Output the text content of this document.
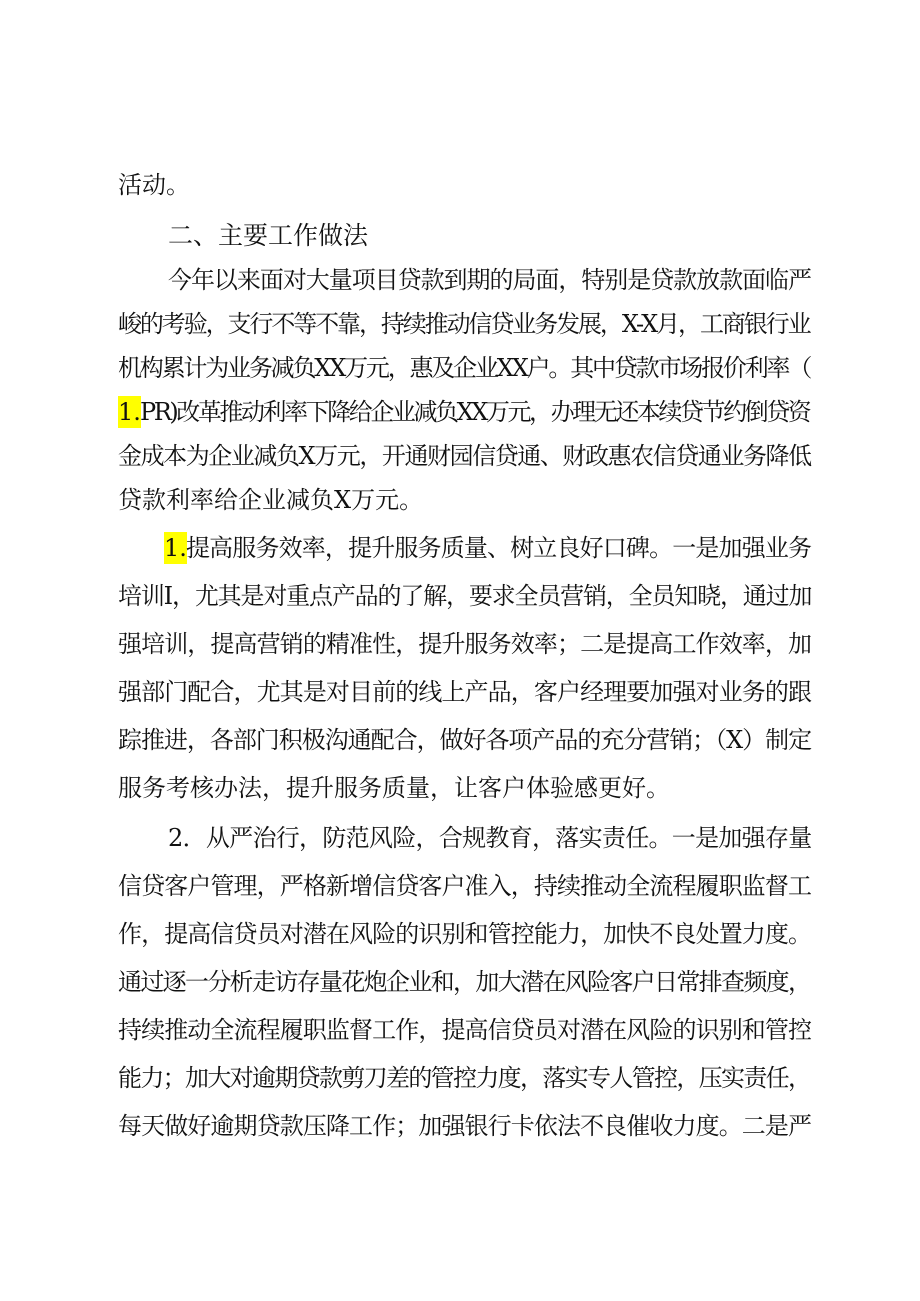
活动。
二、主要工作做法
今年以来面对大量项目贷款到期的局面，特别是贷款放款面临严
峻的考验，支行不等不靠，持续推动信贷业务发展，X-X月，工商银行业
机构累计为业务减负XX万元，惠及企业XX户。其中贷款市场报价利率（
1. PR)改革推动利率下降给企业减负XX万元，办理无还本续贷节约倒贷资
金成本为企业减负X万元，开通财园信贷通、财政惠农信贷通业务降低
贷款利率给企业减负X万元。
1. 提高服务效率，提升服务质量、树立良好口碑。一是加强业务
培训I，尤其是对重点产品的了解，要求全员营销，全员知晓，通过加
强培训，提高营销的精准性，提升服务效率；二是提高工作效率，加
强部门配合，尤其是对目前的线上产品，客户经理要加强对业务的跟
踪推进，各部门积极沟通配合，做好各项产品的充分营销；（X）制定
服务考核办法，提升服务质量，让客户体验感更好。
2．从严治行，防范风险，合规教育，落实责任。一是加强存量
信贷客户管理，严格新增信贷客户准入，持续推动全流程履职监督工
作，提高信贷员对潜在风险的识别和管控能力，加快不良处置力度。
通过逐一分析走访存量花炮企业和，加大潜在风险客户日常排查频度，
持续推动全流程履职监督工作，提高信贷员对潜在风险的识别和管控
能力；加大对逾期贷款剪刀差的管控力度，落实专人管控，压实责任，
每天做好逾期贷款压降工作；加强银行卡依法不良催收力度。二是严
